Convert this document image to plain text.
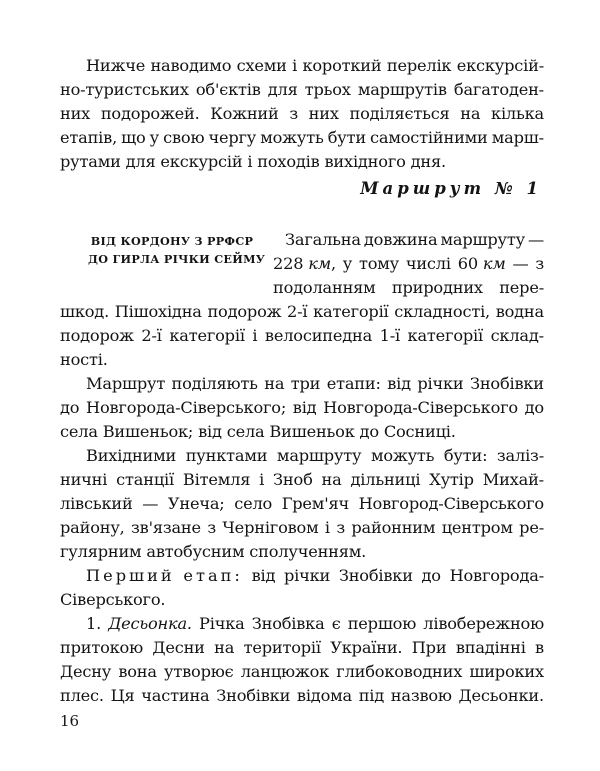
Нижче наводимо схеми і короткий перелік екскурсій-
но-туристських об'єктів для трьох маршрутів багатоден-
них подорожей. Кожний з них поділяється на кілька
етапів, що у свою чергу можуть бути самостійними марш-
рутами для екскурсій і походів вихідного дня.
Маршрут № 1
ВІД КОРДОНУ З РРФСР
ДО ГИРЛА РІЧКИ СЕЙМУ
Загальна довжина маршруту —
228 км, у тому числі 60 км — з
подоланням природних пере-
шкод. Пішохідна подорож 2-ї категорії складності, водна
подорож 2-ї категорії і велосипедна 1-ї категорії склад-
ності.
Маршрут поділяють на три етапи: від річки Знобівки
до Новгорода-Сіверського; від Новгорода-Сіверського до
села Вишеньок; від села Вишеньок до Сосниці.
Вихідними пунктами маршруту можуть бути: заліз-
ничні станції Вітемля і Зноб на дільниці Хутір Михай-
лівський — Унеча; село Грем'яч Новгород-Сіверського
району, зв'язане з Черніговом і з районним центром ре-
гулярним автобусним сполученням.
Перший етап: від річки Знобівки до Новгорода-
Сіверського.
1. Десьонка. Річка Знобівка є першою лівобережною
притокою Десни на території України. При впадінні в
Десну вона утворює ланцюжок глибоководних широких
плес. Ця частина Знобівки відома під назвою Десьонки.
16
